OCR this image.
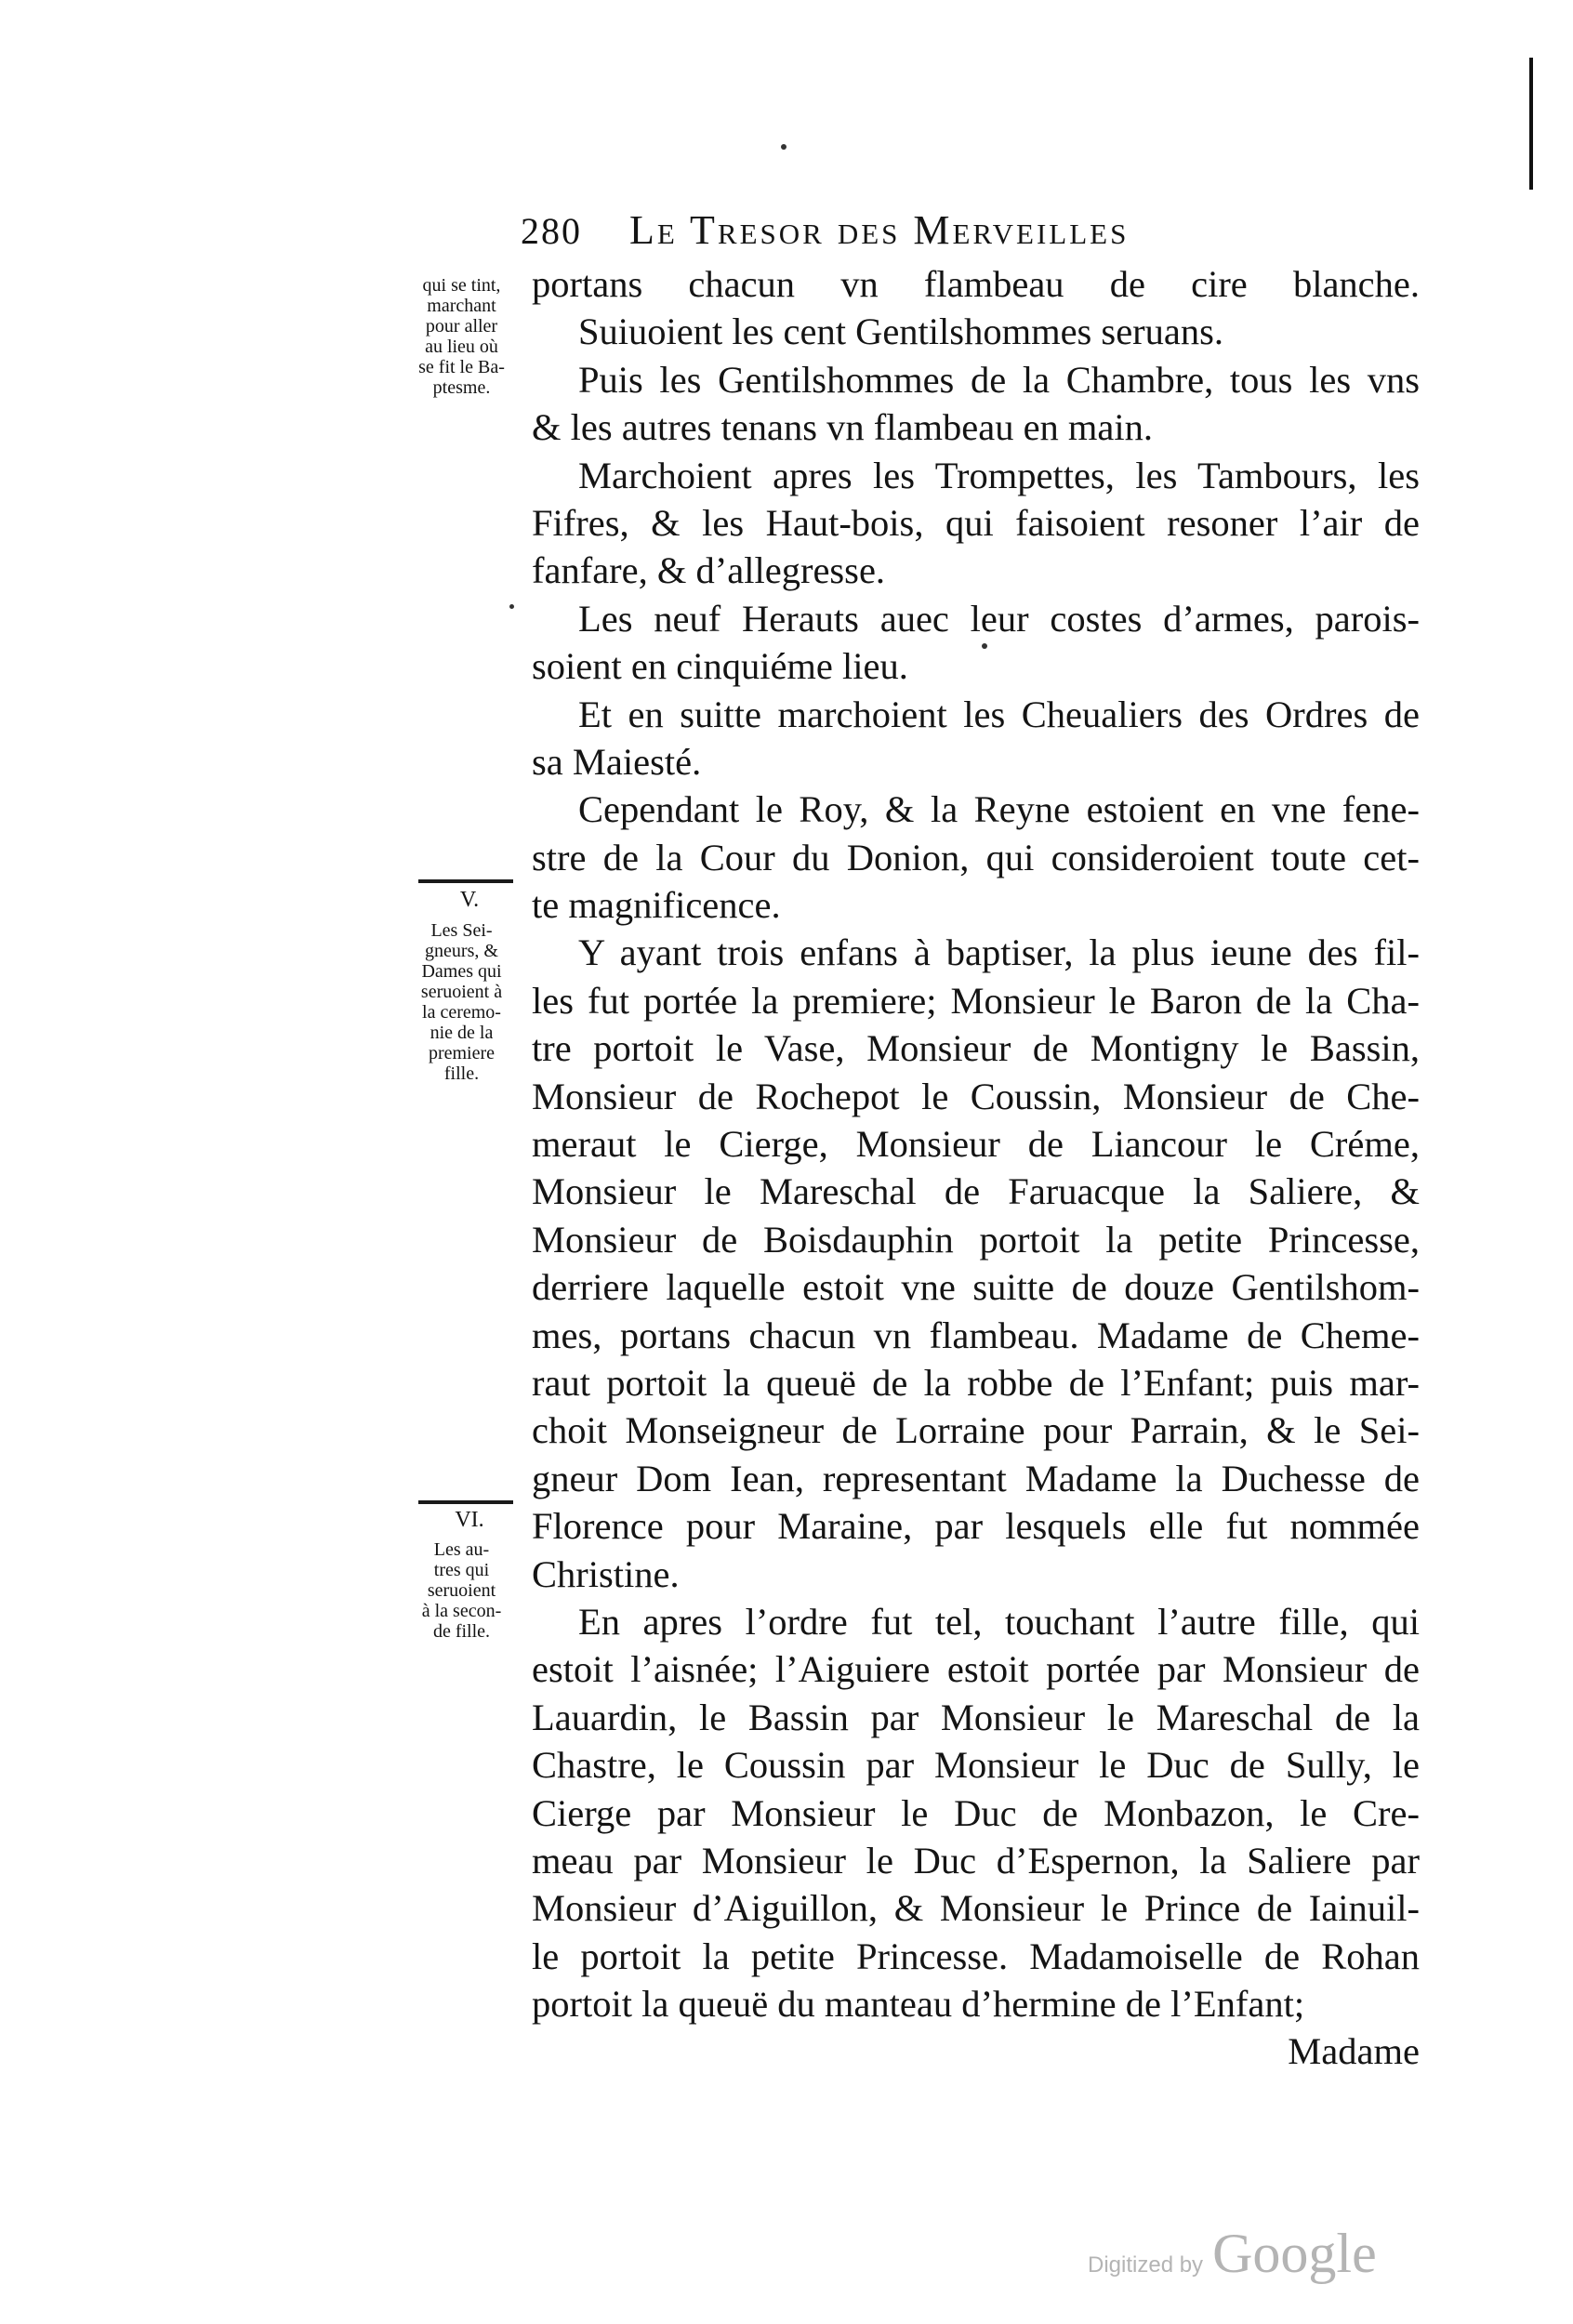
280 Le Tresor des Merveilles
portans chacun vn flambeau de cire blanche.
Suiuoient les cent Gentilshommes seruans.
Puis les Gentilshommes de la Chambre, tous les vns
& les autres tenans vn flambeau en main.
Marchoient apres les Trompettes, les Tambours, les
Fifres, & les Haut-bois, qui faisoient resoner l’air de
fanfare, & d’allegresse.
Les neuf Herauts auec leur costes d’armes, parois-
soient en cinquiéme lieu.
Et en suitte marchoient les Cheualiers des Ordres de
sa Maiesté.
Cependant le Roy, & la Reyne estoient en vne fene-
stre de la Cour du Donion, qui consideroient toute cet-
te magnificence.
Y ayant trois enfans à baptiser, la plus ieune des fil-
les fut portée la premiere; Monsieur le Baron de la Cha-
tre portoit le Vase, Monsieur de Montigny le Bassin,
Monsieur de Rochepot le Coussin, Monsieur de Che-
meraut le Cierge, Monsieur de Liancour le Créme,
Monsieur le Mareschal de Faruacque la Saliere, &
Monsieur de Boisdauphin portoit la petite Princesse,
derriere laquelle estoit vne suitte de douze Gentilshom-
mes, portans chacun vn flambeau. Madame de Cheme-
raut portoit la queuë de la robbe de l’Enfant; puis mar-
choit Monseigneur de Lorraine pour Parrain, & le Sei-
gneur Dom Iean, representant Madame la Duchesse de
Florence pour Maraine, par lesquels elle fut nommée
Christine.
En apres l’ordre fut tel, touchant l’autre fille, qui
estoit l’aisnée; l’Aiguiere estoit portée par Monsieur de
Lauardin, le Bassin par Monsieur le Mareschal de la
Chastre, le Coussin par Monsieur le Duc de Sully, le
Cierge par Monsieur le Duc de Monbazon, le Cre-
meau par Monsieur le Duc d’Espernon, la Saliere par
Monsieur d’Aiguillon, & Monsieur le Prince de Iainuil-
le portoit la petite Princesse. Madamoiselle de Rohan
portoit la queuë du manteau d’hermine de l’Enfant;
Madame
qui se tint,
marchant
pour aller
au lieu où
se fit le Ba-
ptesme.
V.
Les Sei-
gneurs, &
Dames qui
seruoient à
la ceremo-
nie de la
premiere
fille.
VI.
Les au-
tres qui
seruoient
à la secon-
de fille.
Digitized by Google
